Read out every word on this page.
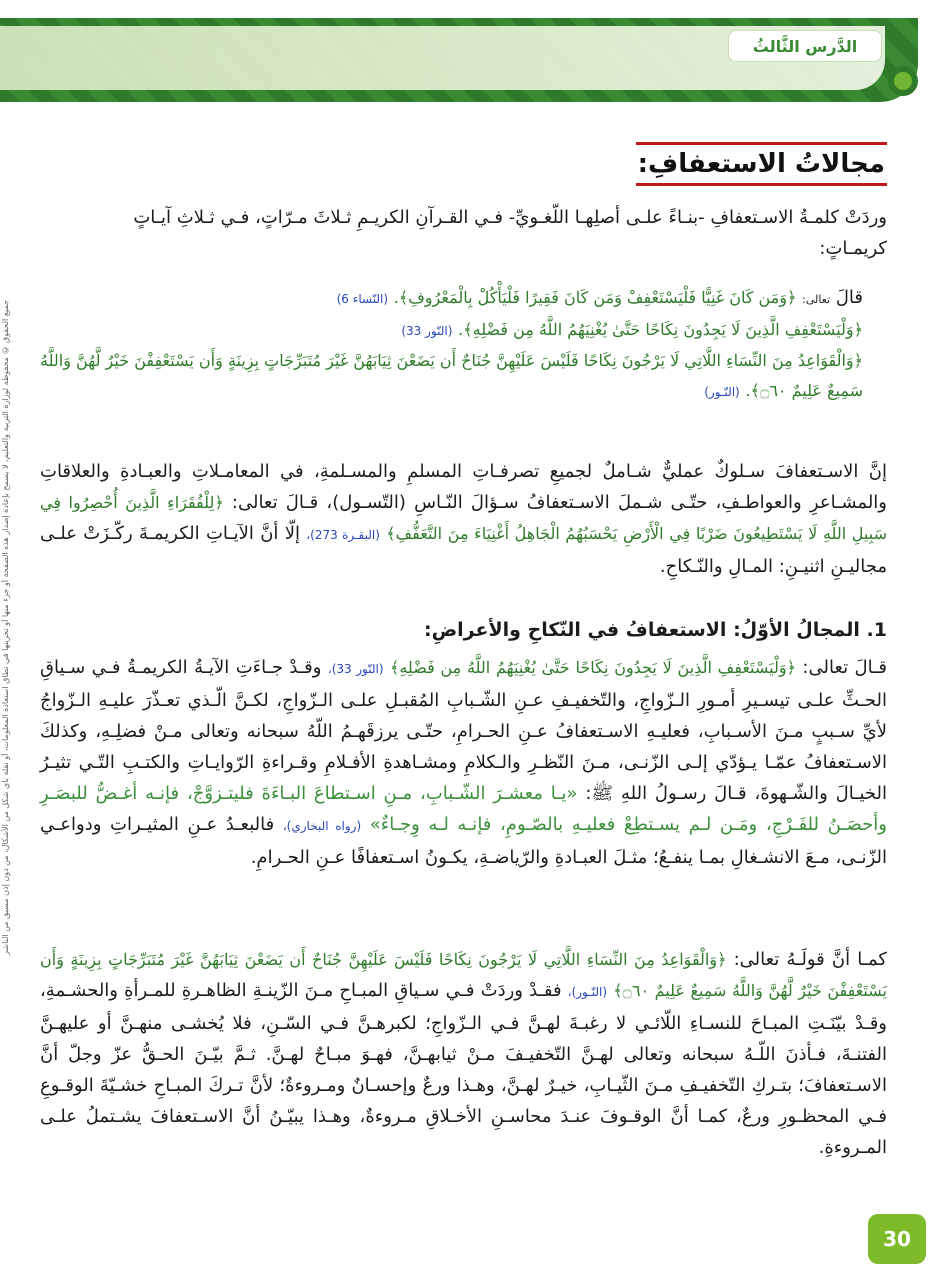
الدَّرس الثَّالثُ
جميع الحقوق © محفوظة لوزارة التربية والتعليم، لا يسمح بإعادة إصدار هذه الصفحة أو جزء منها أو تخزينها في نطاق استعادة المعلومات، أو نقله بأي شكل من الأشكال، من دون إذن مسبق من الناشر
مجالاتُ الاستعفافِ:
وردَتْ كلمـةُ الاسـتعفافِ -بنـاءً علـى أصلِهـا اللّغـويِّ- فـي القـرآنِ الكريـمِ ثـلاثَ مـرّاتٍ، فـي ثـلاثِ آيـاتٍ
كريمـاتٍ:
قالَ تعالى: ﴿وَمَن كَانَ غَنِيًّا فَلْيَسْتَعْفِفْ وَمَن كَانَ فَقِيرًا فَلْيَأْكُلْ بِالْمَعْرُوفِ﴾. (النّساء 6)
﴿وَلْيَسْتَعْفِفِ الَّذِينَ لَا يَجِدُونَ نِكَاحًا حَتَّىٰ يُغْنِيَهُمُ اللَّهُ مِن فَضْلِهِ﴾. (النّور 33)
﴿وَالْقَوَاعِدُ مِنَ النِّسَاءِ اللَّاتِي لَا يَرْجُونَ نِكَاحًا فَلَيْسَ عَلَيْهِنَّ جُنَاحٌ أَن يَضَعْنَ ثِيَابَهُنَّ غَيْرَ مُتَبَرِّجَاتٍ بِزِينَةٍ وَأَن يَسْتَعْفِفْنَ خَيْرٌ لَّهُنَّ وَاللَّهُ سَمِيعٌ عَلِيمٌ ۝٦٠﴾. (النّـور)
إنَّ الاسـتعفافَ سـلوكٌ عمليٌّ شـاملٌ لجميعِ تصرفـاتِ المسلمِ والمسـلمةِ، في المعامـلاتِ والعبـادةِ والعلاقاتِ والمشـاعرِ والعواطـفِ، حتّـى شـملَ الاسـتعفافُ سـؤالَ النّـاسِ (التّسـول)، قـالَ تعالى: ﴿لِلْفُقَرَاءِ الَّذِينَ أُحْصِرُوا فِي سَبِيلِ اللَّهِ لَا يَسْتَطِيعُونَ ضَرْبًا فِي الْأَرْضِ يَحْسَبُهُمُ الْجَاهِلُ أَغْنِيَاءَ مِنَ التَّعَفُّفِ﴾ (البقـرة 273)، إلّا أنَّ الآيـاتِ الكريمـةَ ركّـزَتْ علـى مجاليـنِ اثنيـنِ: المـالِ والنّـكاحِ.
1. المجالُ الأوّلُ: الاستعفافُ في النّكاحِ والأعراضِ:
قـالَ تعالى: ﴿وَلْيَسْتَعْفِفِ الَّذِينَ لَا يَجِدُونَ نِكَاحًا حَتَّىٰ يُغْنِيَهُمُ اللَّهُ مِن فَضْلِهِ﴾ (النّور 33)، وقـدْ جـاءَتِ الآيـةُ الكريمـةُ فـي سـياقِ الحـثِّ علـى تيسـيرِ أمـورِ الـزّواجِ، والتّخفيـفِ عـنِ الشّـبابِ المُقبـلِ علـى الـزّواجِ، لكـنَّ الّـذي تعـذّرَ عليـهِ الـزّواجُ لأيِّ سـببٍ مـنَ الأسـبابِ، فعليـهِ الاسـتعفافُ عـنِ الحـرامِ، حتّـى يرزقَهـمُ اللّهُ سبحانه وتعالى مـنْ فضلِـهِ، وكذلكَ الاسـتعفافُ عمّـا يـؤدّي إلـى الزّنـى، مـنَ النّظـرِ والـكلامِ ومشـاهدةِ الأفـلامِ وقـراءةِ الرّوايـاتِ والكتـبِ التّـي تثيـرُ الخيـالَ والشّـهوةَ، قـالَ رسـولُ اللهِ ﷺ: «يـا معشـرَ الشّـبابِ، مـنِ اسـتطاعَ البـاءَةَ فليتـزوَّجْ، فإنـه أغـضُّ للبصَـرِ وأحصَـنُ للفَـرْجِ، ومَـن لـم يسـتطِعْ فعليـهِ بالصّـومِ، فإنـه لـه وِجـاءٌ» (رواه البخاري)، فالبعـدُ عـنِ المثيـراتِ ودواعـي الزّنـى، مـعَ الانشـغالِ بمـا ينفـعُ؛ مثـلَ العبـادةِ والرّياضـةِ، يكـونُ اسـتعفافًا عـنِ الحـرامِ.
كمـا أنَّ قولَـهُ تعالى: ﴿وَالْقَوَاعِدُ مِنَ النِّسَاءِ اللَّاتِي لَا يَرْجُونَ نِكَاحًا فَلَيْسَ عَلَيْهِنَّ جُنَاحٌ أَن يَضَعْنَ ثِيَابَهُنَّ غَيْرَ مُتَبَرِّجَاتٍ بِزِينَةٍ وَأَن يَسْتَعْفِفْنَ خَيْرٌ لَّهُنَّ وَاللَّهُ سَمِيعٌ عَلِيمٌ ۝٦٠﴾ (النّـور)، فقـدْ وردَتْ فـي سـياقِ المبـاحِ مـنَ الزّينـةِ الظاهـرةِ للمـرأةِ والحشـمةِ، وقـدْ بيّنَـتِ المبـاحَ للنسـاءِ اللّائـي لا رغبـةَ لهـنَّ فـي الـزّواجِ؛ لكبرهـنَّ فـي السّـنِ، فلا يُخشـى منهـنَّ أو عليهـنَّ الفتنـةَ، فـأذنَ اللّـهُ سبحانه وتعالى لهـنَّ التّخفيـفَ مـنْ ثيابهـنَّ، فهـوَ مبـاحٌ لهـنَّ. ثـمَّ بيّـنَ الحـقُّ عزّ وجلّ أنَّ الاسـتعفافَ؛ بتـركِ التّخفيـفِ مـنَ الثّيـابِ، خيـرٌ لهـنَّ، وهـذا ورعٌ وإحسـانٌ ومـروءةٌ؛ لأنَّ تـركَ المبـاحِ خشـيّةَ الوقـوعِ فـي المحظـورِ ورعٌ، كمـا أنَّ الوقـوفَ عنـدَ محاسـنِ الأخـلاقِ مـروءةٌ، وهـذا يبيّـنُ أنَّ الاسـتعفافَ يشـتملُ علـى المـروءةِ.
30
